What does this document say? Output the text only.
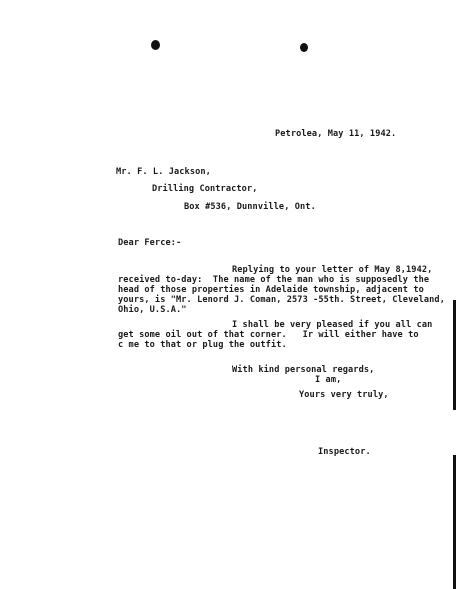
Petrolea, May 11, 1942.
Mr. F. L. Jackson,
Drilling Contractor,
Box #536, Dunnville, Ont.
Dear Ferce:-
Replying to your letter of May 8,1942,
received to-day:  The name of the man who is supposedly the
head of those properties in Adelaide township, adjacent to
yours, is "Mr. Lenord J. Coman, 2573 -55th. Street, Cleveland,
Ohio, U.S.A."
I shall be very pleased if you all can
get some oil out of that corner.   Ir will either have to
c me to that or plug the outfit.
With kind personal regards,
I am,
Yours very truly,
Inspector.
